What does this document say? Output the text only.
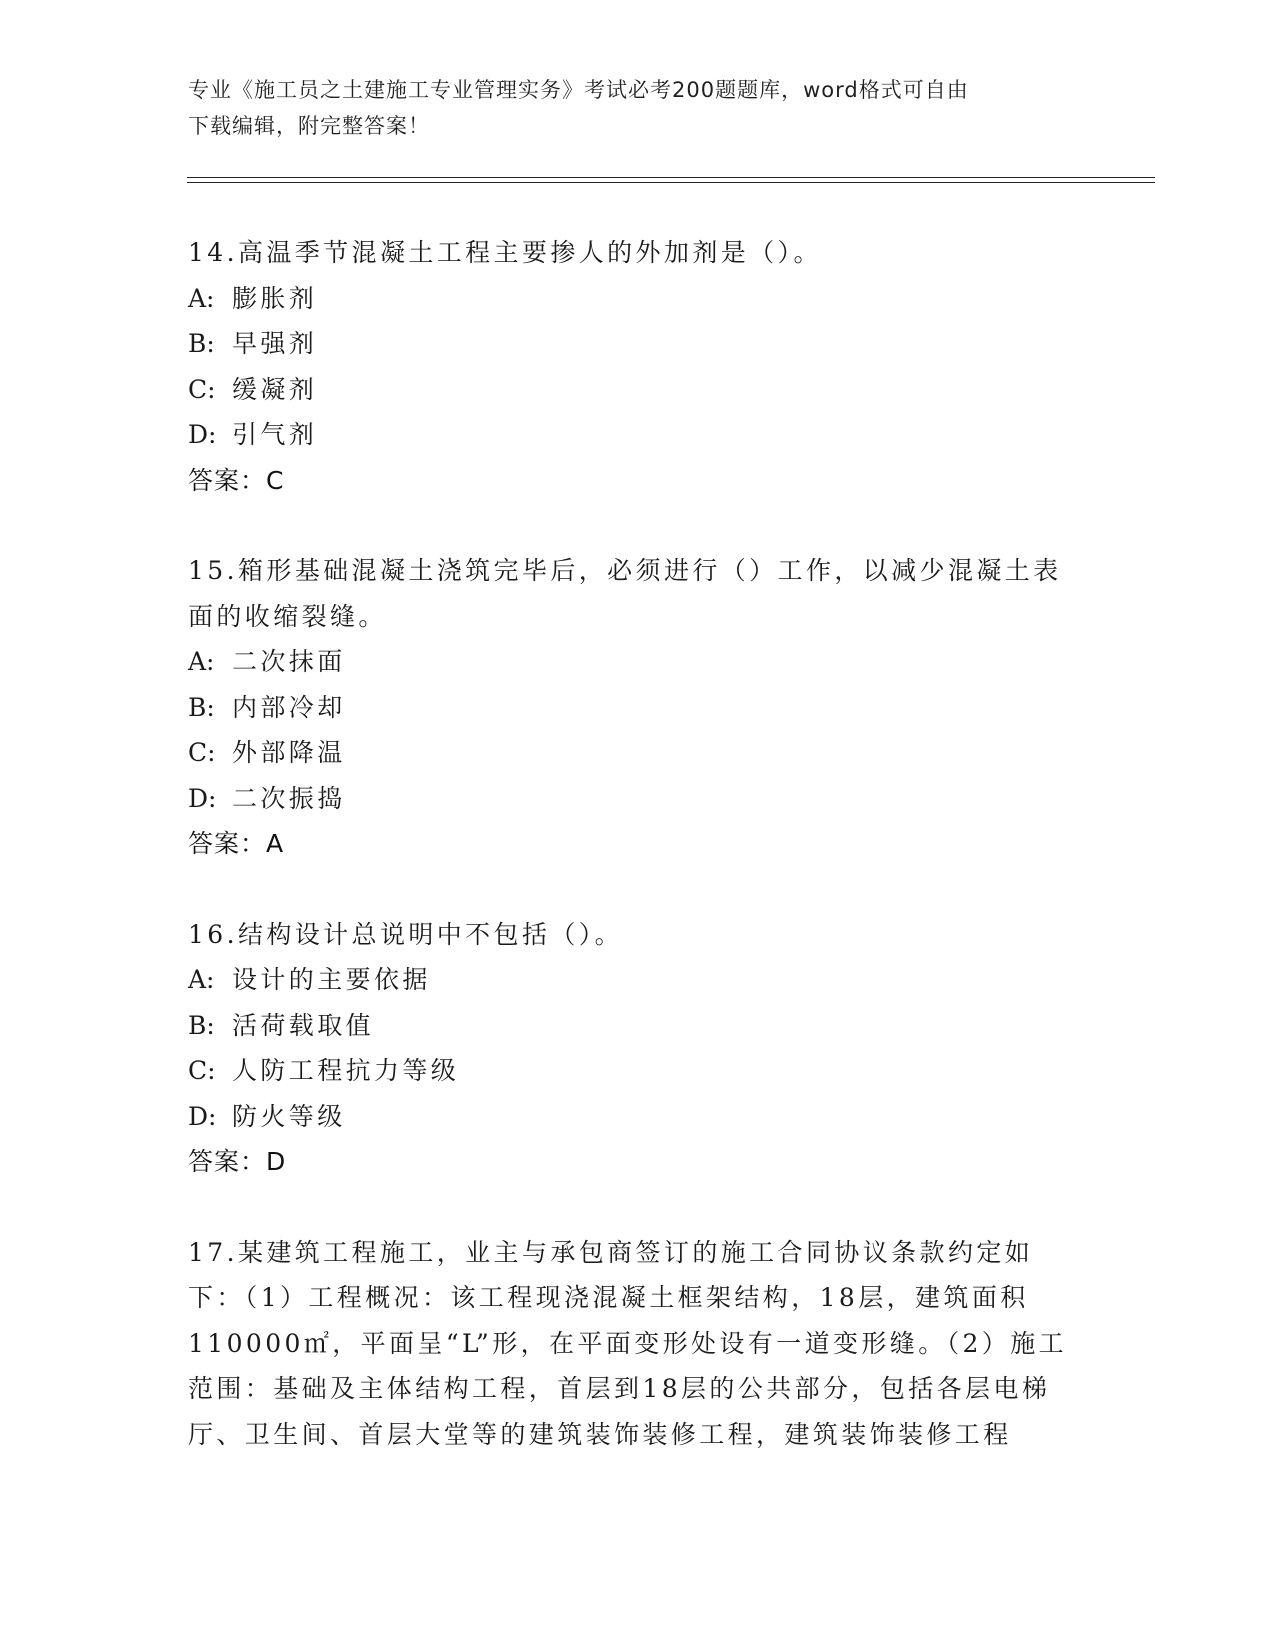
专业《施工员之土建施工专业管理实务》考试必考200题题库，word格式可自由
下载编辑，附完整答案！
14.高温季节混凝土工程主要掺人的外加剂是（）。
A: 膨胀剂
B: 早强剂
C: 缓凝剂
D: 引气剂
答案：C
15.箱形基础混凝土浇筑完毕后，必须进行（）工作，以减少混凝土表面的收缩裂缝。
A: 二次抹面
B: 内部冷却
C: 外部降温
D: 二次振捣
答案：A
16.结构设计总说明中不包括（）。
A: 设计的主要依据
B: 活荷载取值
C: 人防工程抗力等级
D: 防火等级
答案：D
17.某建筑工程施工，业主与承包商签订的施工合同协议条款约定如下：（1）工程概况：该工程现浇混凝土框架结构，18层，建筑面积110000㎡，平面呈“L”形，在平面变形处设有一道变形缝。（2）施工范围：基础及主体结构工程，首层到18层的公共部分，包括各层电梯厅、卫生间、首层大堂等的建筑装饰装修工程，建筑装饰装修工程
